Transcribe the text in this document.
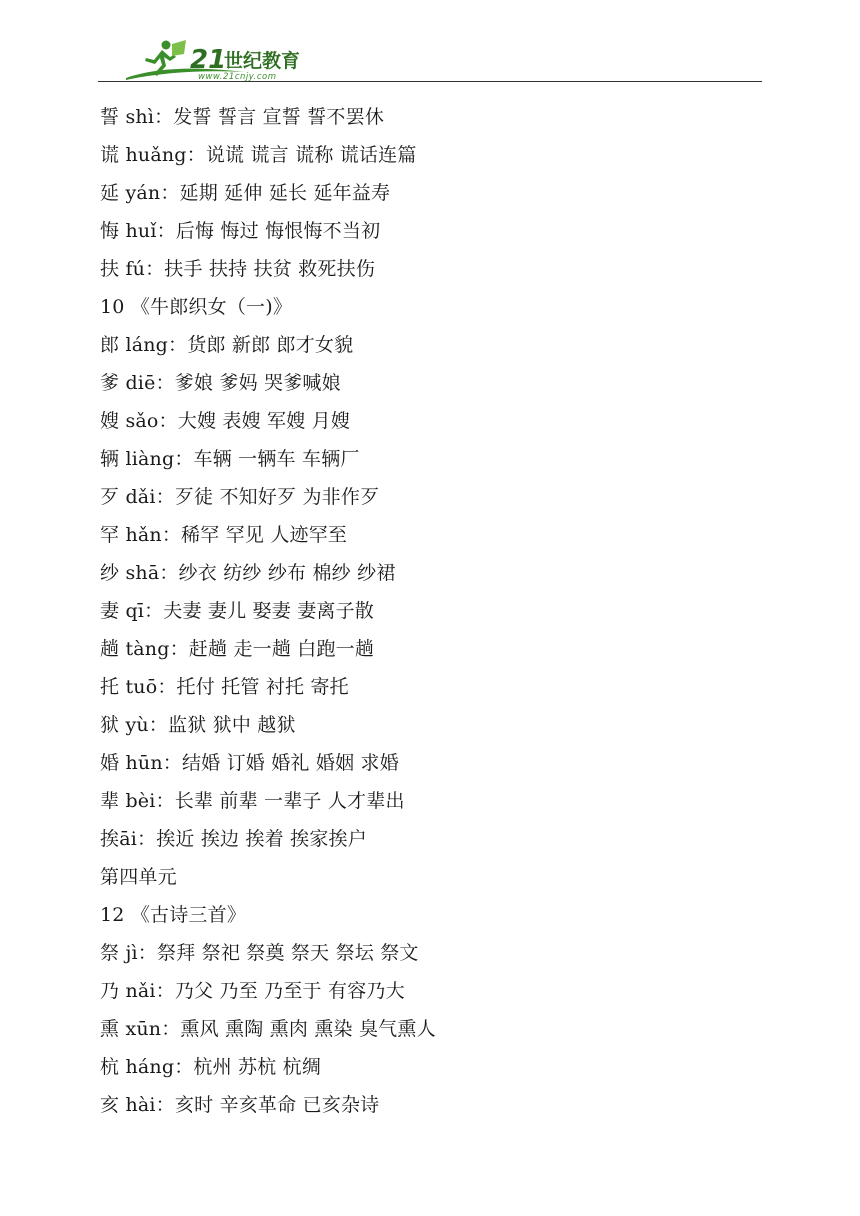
21
世纪教育
www.21cnjy.com
誓 shì：发誓 誓言 宣誓 誓不罢休
谎 huǎng：说谎 谎言 谎称 谎话连篇
延 yán：延期 延伸 延长 延年益寿
悔 huǐ：后悔 悔过 悔恨悔不当初
扶 fú：扶手 扶持 扶贫 救死扶伤
10 《牛郎织女（一)》
郎 láng：货郎 新郎 郎才女貌
爹 diē：爹娘 爹妈 哭爹喊娘
嫂 sǎo：大嫂 表嫂 军嫂 月嫂
辆 liàng：车辆 一辆车 车辆厂
歹 dǎi：歹徒 不知好歹 为非作歹
罕 hǎn：稀罕 罕见 人迹罕至
纱 shā：纱衣 纺纱 纱布 棉纱 纱裙
妻 qī：夫妻 妻儿 娶妻 妻离子散
趟 tàng：赶趟 走一趟 白跑一趟
托 tuō：托付 托管 衬托 寄托
狱 yù：监狱 狱中 越狱
婚 hūn：结婚 订婚 婚礼 婚姻 求婚
辈 bèi：长辈 前辈 一辈子 人才辈出
挨āi：挨近 挨边 挨着 挨家挨户
第四单元
12 《古诗三首》
祭 jì：祭拜 祭祀 祭奠 祭天 祭坛 祭文
乃 nǎi：乃父 乃至 乃至于 有容乃大
熏 xūn：熏风 熏陶 熏肉 熏染 臭气熏人
杭 háng：杭州 苏杭 杭绸
亥 hài：亥时 辛亥革命 已亥杂诗
